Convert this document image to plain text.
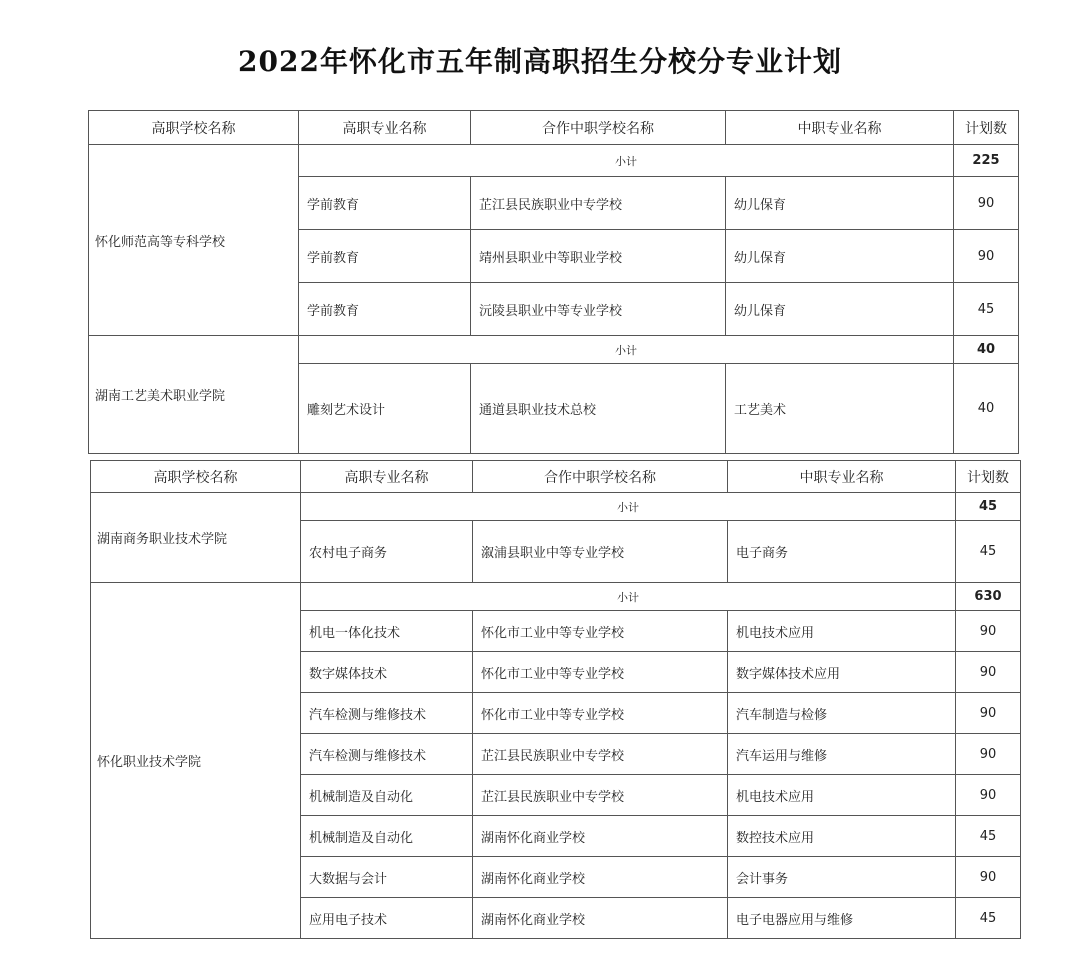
2022年怀化市五年制高职招生分校分专业计划
高职学校名称	高职专业名称	合作中职学校名称	中职专业名称	计划数
怀化师范高等专科学校	小计			225
	学前教育	芷江县民族职业中专学校	幼儿保育	90
	学前教育	靖州县职业中等职业学校	幼儿保育	90
	学前教育	沅陵县职业中等专业学校	幼儿保育	45
湖南工艺美术职业学院	小计			40
	雕刻艺术设计	通道县职业技术总校	工艺美术	40
高职学校名称	高职专业名称	合作中职学校名称	中职专业名称	计划数
湖南商务职业技术学院	小计			45
	农村电子商务	溆浦县职业中等专业学校	电子商务	45
怀化职业技术学院	小计			630
	机电一体化技术	怀化市工业中等专业学校	机电技术应用	90
	数字媒体技术	怀化市工业中等专业学校	数字媒体技术应用	90
	汽车检测与维修技术	怀化市工业中等专业学校	汽车制造与检修	90
	汽车检测与维修技术	芷江县民族职业中专学校	汽车运用与维修	90
	机械制造及自动化	芷江县民族职业中专学校	机电技术应用	90
	机械制造及自动化	湖南怀化商业学校	数控技术应用	45
	大数据与会计	湖南怀化商业学校	会计事务	90
	应用电子技术	湖南怀化商业学校	电子电器应用与维修	45
